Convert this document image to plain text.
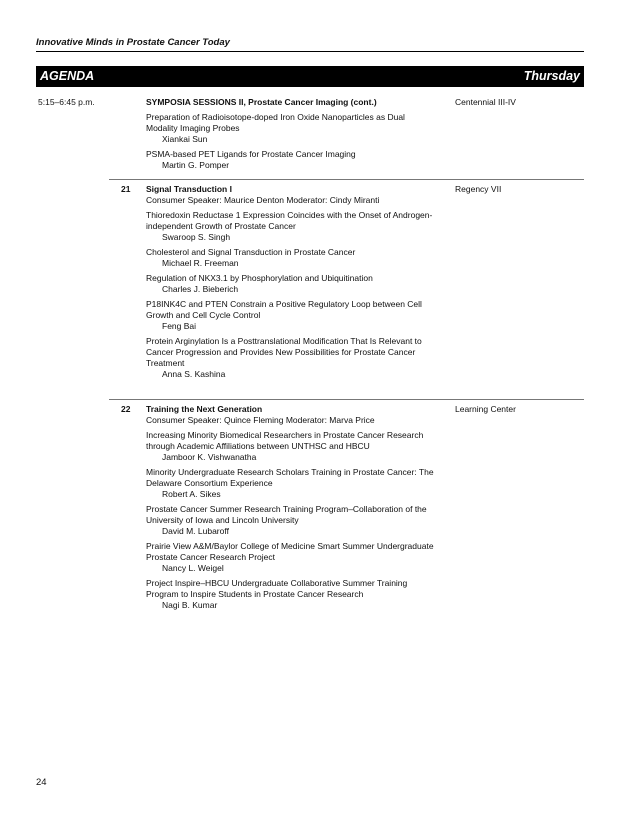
Innovative Minds in Prostate Cancer Today
AGENDA	Thursday
5:15–6:45 p.m.	SYMPOSIA SESSIONS II, Prostate Cancer Imaging (cont.)
Preparation of Radioisotope-doped Iron Oxide Nanoparticles as Dual Modality Imaging Probes
Xiankai Sun
PSMA-based PET Ligands for Prostate Cancer Imaging
Martin G. Pomper
Centennial III-IV
21 Signal Transduction I
Consumer Speaker: Maurice Denton Moderator: Cindy Miranti
Thioredoxin Reductase 1 Expression Coincides with the Onset of Androgen-independent Growth of Prostate Cancer
Swaroop S. Singh
Cholesterol and Signal Transduction in Prostate Cancer
Michael R. Freeman
Regulation of NKX3.1 by Phosphorylation and Ubiquitination
Charles J. Bieberich
P18INK4C and PTEN Constrain a Positive Regulatory Loop between Cell Growth and Cell Cycle Control
Feng Bai
Protein Arginylation Is a Posttranslational Modification That Is Relevant to Cancer Progression and Provides New Possibilities for Prostate Cancer Treatment
Anna S. Kashina
Regency VII
22 Training the Next Generation
Consumer Speaker: Quince Fleming Moderator: Marva Price
Increasing Minority Biomedical Researchers in Prostate Cancer Research through Academic Affiliations between UNTHSC and HBCU
Jamboor K. Vishwanatha
Minority Undergraduate Research Scholars Training in Prostate Cancer: The Delaware Consortium Experience
Robert A. Sikes
Prostate Cancer Summer Research Training Program–Collaboration of the University of Iowa and Lincoln University
David M. Lubaroff
Prairie View A&M/Baylor College of Medicine Smart Summer Undergraduate Prostate Cancer Research Project
Nancy L. Weigel
Project Inspire–HBCU Undergraduate Collaborative Summer Training Program to Inspire Students in Prostate Cancer Research
Nagi B. Kumar
Learning Center
24
